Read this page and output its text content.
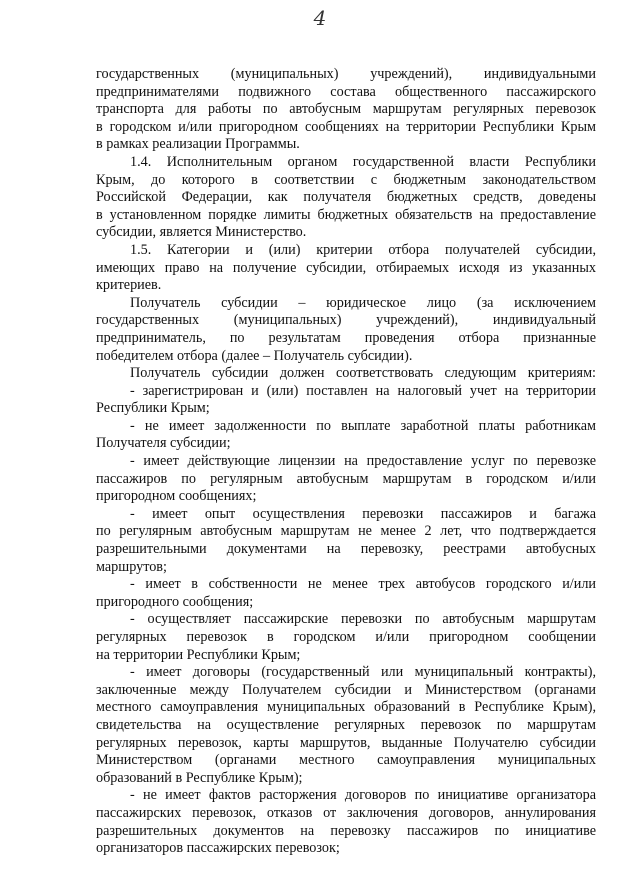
4
государственных (муниципальных) учреждений), индивидуальными
предпринимателями подвижного состава общественного пассажирского
транспорта для работы по автобусным маршрутам регулярных перевозок
в городском и/или пригородном сообщениях на территории Республики Крым
в рамках реализации Программы.
1.4. Исполнительным органом государственной власти Республики
Крым, до которого в соответствии с бюджетным законодательством
Российской Федерации, как получателя бюджетных средств, доведены
в установленном порядке лимиты бюджетных обязательств на предоставление
субсидии, является Министерство.
1.5. Категории и (или) критерии отбора получателей субсидии,
имеющих право на получение субсидии, отбираемых исходя из указанных
критериев.
Получатель субсидии – юридическое лицо (за исключением
государственных (муниципальных) учреждений), индивидуальный
предприниматель, по результатам проведения отбора признанные
победителем отбора (далее – Получатель субсидии).
Получатель субсидии должен соответствовать следующим критериям:
- зарегистрирован и (или) поставлен на налоговый учет на территории
Республики Крым;
- не имеет задолженности по выплате заработной платы работникам
Получателя субсидии;
- имеет действующие лицензии на предоставление услуг по перевозке
пассажиров по регулярным автобусным маршрутам в городском и/или
пригородном сообщениях;
- имеет опыт осуществления перевозки пассажиров и багажа
по регулярным автобусным маршрутам не менее 2 лет, что подтверждается
разрешительными документами на перевозку, реестрами автобусных
маршрутов;
- имеет в собственности не менее трех автобусов городского и/или
пригородного сообщения;
- осуществляет пассажирские перевозки по автобусным маршрутам
регулярных перевозок в городском и/или пригородном сообщении
на территории Республики Крым;
- имеет договоры (государственный или муниципальный контракты),
заключенные между Получателем субсидии и Министерством (органами
местного самоуправления муниципальных образований в Республике Крым),
свидетельства на осуществление регулярных перевозок по маршрутам
регулярных перевозок, карты маршрутов, выданные Получателю субсидии
Министерством (органами местного самоуправления муниципальных
образований в Республике Крым);
- не имеет фактов расторжения договоров по инициативе организатора
пассажирских перевозок, отказов от заключения договоров, аннулирования
разрешительных документов на перевозку пассажиров по инициативе
организаторов пассажирских перевозок;
